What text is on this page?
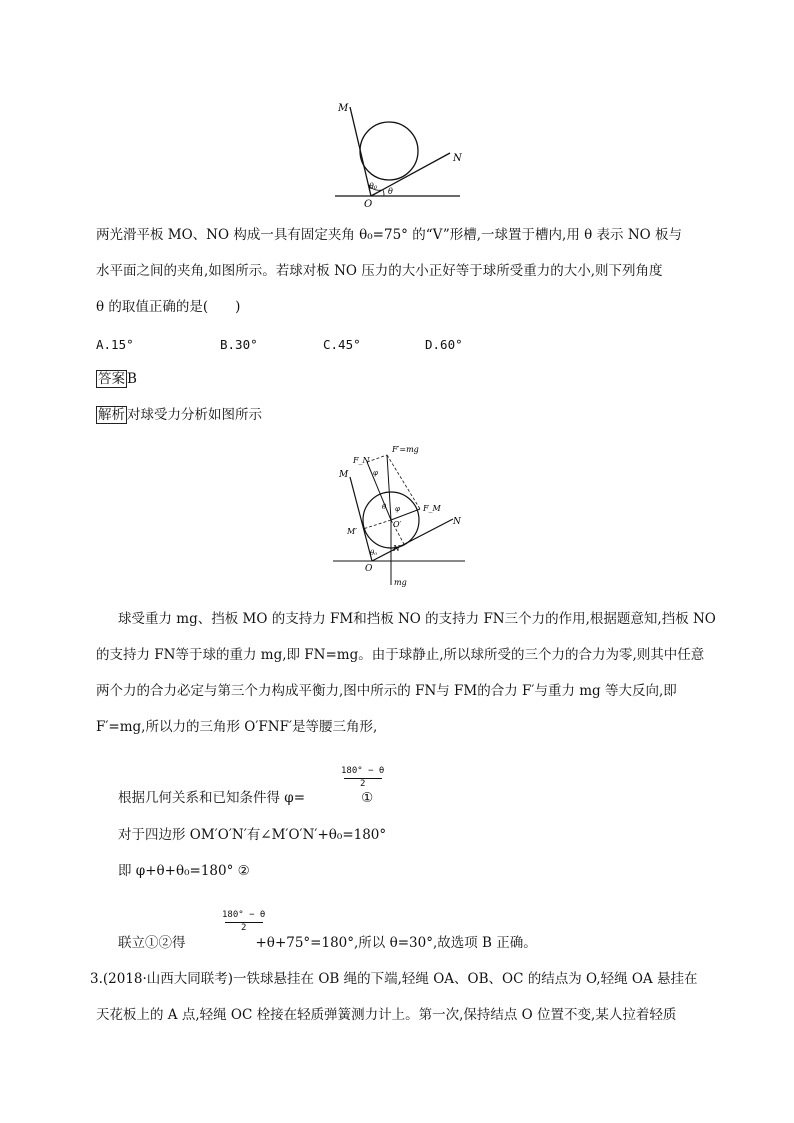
M
N
O
θ₀
θ
两光滑平板 MO、NO 构成一具有固定夹角 θ₀=75° 的“V”形槽,一球置于槽内,用 θ 表示 NO 板与
水平面之间的夹角,如图所示。若球对板 NO 压力的大小正好等于球所受重力的大小,则下列角度
θ 的取值正确的是(　　)
A.15°	B.30°	C.45°	D.60°
答案 B
解析 对球受力分析如图所示
F′=mg
F_N
φ
M
θ φ	F_M
O′	N
M′
θ₀ N′
O
mg
球受重力 mg、挡板 MO 的支持力 FM和挡板 NO 的支持力 FN三个力的作用,根据题意知,挡板 NO
的支持力 FN等于球的重力 mg,即 FN=mg。由于球静止,所以球所受的三个力的合力为零,则其中任意
两个力的合力必定与第三个力构成平衡力,图中所示的 FN与 FM的合力 F′与重力 mg 等大反向,即
F′=mg,所以力的三角形 O′FNF′是等腰三角形,
180° − θ
2
根据几何关系和已知条件得 φ=	①
对于四边形 OM′O′N′有∠M′O′N′+θ₀=180°
即 φ+θ+θ₀=180° ②
180° − θ
2
联立①②得	+θ+75°=180°,所以 θ=30°,故选项 B 正确。
3.(2018·山西大同联考)一铁球悬挂在 OB 绳的下端,轻绳 OA、OB、OC 的结点为 O,轻绳 OA 悬挂在
天花板上的 A 点,轻绳 OC 栓接在轻质弹簧测力计上。第一次,保持结点 O 位置不变,某人拉着轻质
